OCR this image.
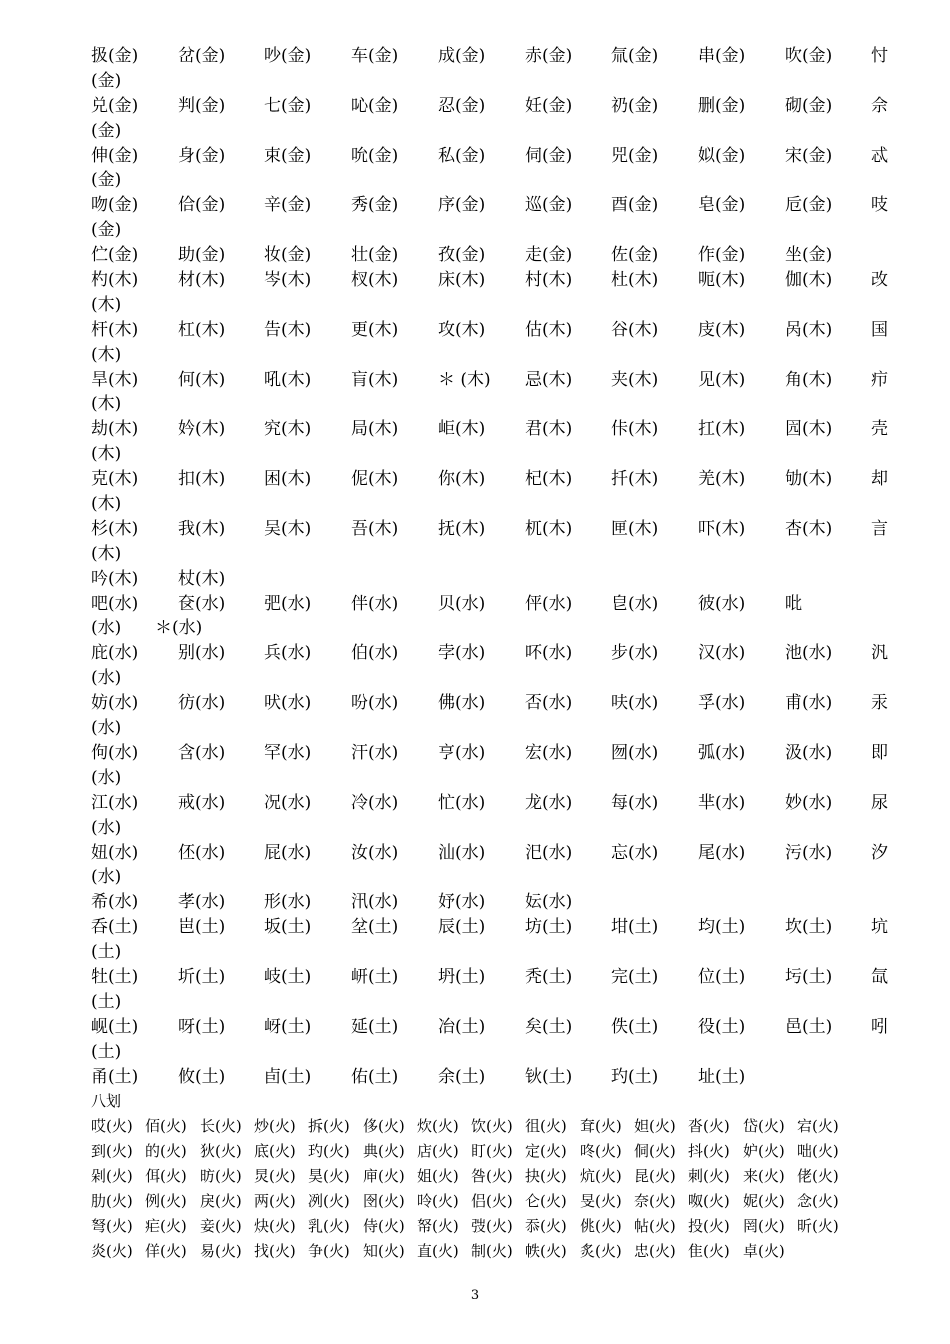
扱(金) 岔(金) 吵(金) 车(金) 成(金) 赤(金) 氚(金) 串(金) 吹(金) 忖
(金)
兑(金) 判(金) 七(金) 吣(金) 忍(金) 妊(金) 礽(金) 删(金) 砌(金) 佘
(金)
伸(金) 身(金) 束(金) 吮(金) 私(金) 伺(金) 兕(金) 姒(金) 宋(金) 忒
(金)
吻(金) 佮(金) 辛(金) 秀(金) 序(金) 巡(金) 酉(金) 皂(金) 卮(金) 吱
(金)
伫(金) 助(金) 妆(金) 壮(金) 孜(金) 走(金) 佐(金) 作(金) 坐(金)
杓(木) 材(木) 岑(木) 杈(木) 床(木) 村(木) 杜(木) 呃(木) 伽(木) 改
(木)
杆(木) 杠(木) 告(木) 更(木) 攻(木) 估(木) 谷(木) 庋(木) 呙(木) 国
(木)
旱(木) 何(木) 吼(木) 肓(木) ＊ (木) 忌(木) 夹(木) 见(木) 角(木) 疖
(木)
劫(木) 妗(木) 究(木) 局(木) 岠(木) 君(木) 佧(木) 扛(木) 囥(木) 壳
(木)
克(木) 扣(木) 困(木) 伲(木) 你(木) 杞(木) 扦(木) 羌(木) 劬(木) 却
(木)
杉(木) 我(木) 吴(木) 吾(木) 抚(木) 杌(木) 匣(木) 吓(木) 杏(木) 言
(木)
吟(木) 杖(木)
吧(水) 奁(水) 弝(水) 伴(水) 贝(水) 伻(水) 皀(水) 彼(水) 吡
(水) ＊(水)
庇(水) 别(水) 兵(水) 伯(水) 孛(水) 吥(水) 步(水) 汉(水) 池(水) 汎
(水)
妨(水) 彷(水) 吠(水) 吩(水) 佛(水) 否(水) 呋(水) 孚(水) 甫(水) 汞
(水)
佝(水) 含(水) 罕(水) 汗(水) 亨(水) 宏(水) 囫(水) 弧(水) 汲(水) 即
(水)
江(水) 戒(水) 况(水) 冷(水) 忙(水) 龙(水) 每(水) 芈(水) 妙(水) 尿
(水)
妞(水) 伾(水) 屁(水) 汝(水) 汕(水) 汜(水) 忘(水) 尾(水) 污(水) 汐
(水)
希(水) 孝(水) 形(水) 汛(水) 妤(水) 妘(水)
呑(土) 岜(土) 坂(土) 坌(土) 辰(土) 坊(土) 坩(土) 均(土) 坎(土) 坑
(土)
牡(土) 圻(土) 岐(土) 岍(土) 坍(土) 秃(土) 完(土) 位(土) 圬(土) 氙
(土)
岘(土) 呀(土) 岈(土) 延(土) 冶(土) 矣(土) 佚(土) 役(土) 邑(土) 吲
(土)
甬(土) 攸(土) 卣(土) 佑(土) 余(土) 钬(土) 玓(土) 址(土)
八划
哎(火) 佰(火) 长(火) 炒(火) 拆(火) 侈(火) 炊(火) 饮(火) 徂(火) 耷(火) 妲(火) 沓(火) 岱(火) 宕(火)
到(火) 的(火) 狄(火) 底(火) 玓(火) 典(火) 店(火) 盯(火) 定(火) 咚(火) 侗(火) 抖(火) 妒(火) 咄(火)
剁(火) 佴(火) 昉(火) 炅(火) 昊(火) 庘(火) 姐(火) 咎(火) 抉(火) 炕(火) 昆(火) 刺(火) 来(火) 佬(火)
肋(火) 例(火) 戾(火) 两(火) 冽(火) 囹(火) 呤(火) 侣(火) 仑(火) 旻(火) 奈(火) 呶(火) 妮(火) 念(火)
弩(火) 疟(火) 妾(火) 炔(火) 乳(火) 侍(火) 帑(火) 弢(火) 忝(火) 佻(火) 帖(火) 投(火) 罔(火) 昕(火)
炎(火) 佯(火) 易(火) 找(火) 争(火) 知(火) 直(火) 制(火) 帙(火) 炙(火) 忠(火) 隹(火) 卓(火)
3
